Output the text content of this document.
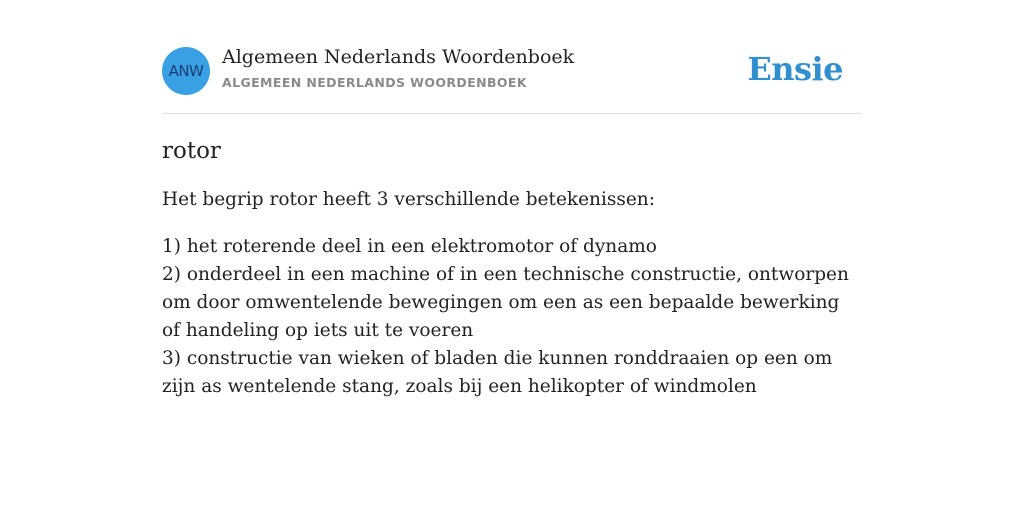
ANW
Algemeen Nederlands Woordenboek
ALGEMEEN NEDERLANDS WOORDENBOEK	Ensie
rotor

Het begrip rotor heeft 3 verschillende betekenissen:

1) het roterende deel in een elektromotor of dynamo
2) onderdeel in een machine of in een technische constructie, ontworpen om door omwentelende bewegingen om een as een bepaalde bewerking of handeling op iets uit te voeren
3) constructie van wieken of bladen die kunnen ronddraaien op een om zijn as wentelende stang, zoals bij een helikopter of windmolen
